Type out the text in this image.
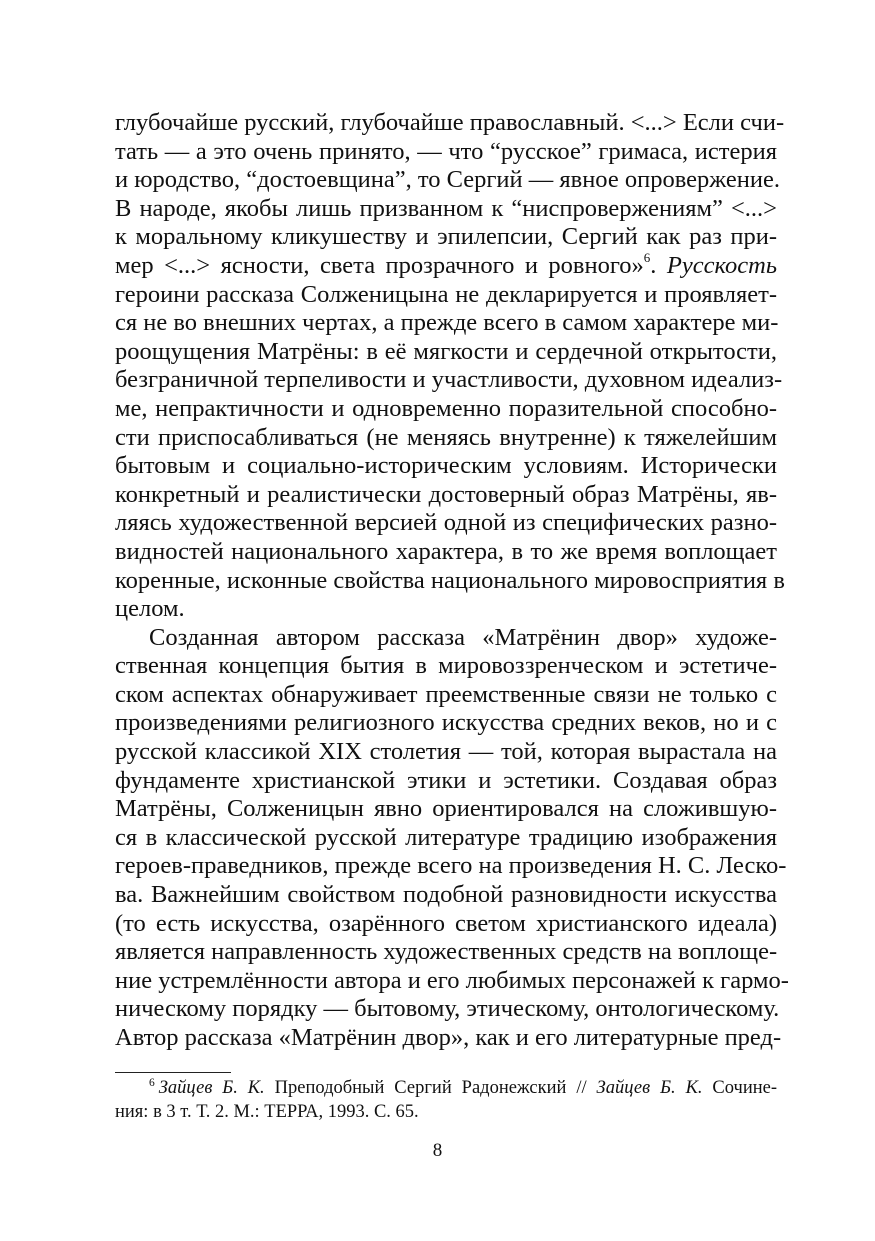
глубочайше русский, глубочайше православный. <...> Если счи-
тать — а это очень принято, — что “русское” гримаса, истерия
и юродство, “достоевщина”, то Сергий — явное опровержение.
В народе, якобы лишь призванном к “ниспровержениям” <...>
к моральному кликушеству и эпилепсии, Сергий как раз при-
мер <...> ясности, света прозрачного и ровного»$^6$. Русскость
героини рассказа Солженицына не декларируется и проявляет-
ся не во внешних чертах, а прежде всего в самом характере ми-
роощущения Матрёны: в её мягкости и сердечной открытости,
безграничной терпеливости и участливости, духовном идеализ-
ме, непрактичности и одновременно поразительной способно-
сти приспосабливаться (не меняясь внутренне) к тяжелейшим
бытовым и социально-историческим условиям. Исторически
конкретный и реалистически достоверный образ Матрёны, яв-
ляясь художественной версией одной из специфических разно-
видностей национального характера, в то же время воплощает
коренные, исконные свойства национального мировосприятия в
целом.
Созданная автором рассказа «Матрёнин двор» художе-
ственная концепция бытия в мировоззренческом и эстетиче-
ском аспектах обнаруживает преемственные связи не только с
произведениями религиозного искусства средних веков, но и с
русской классикой XIX столетия — той, которая вырастала на
фундаменте христианской этики и эстетики. Создавая образ
Матрёны, Солженицын явно ориентировался на сложившую-
ся в классической русской литературе традицию изображения
героев-праведников, прежде всего на произведения Н. С. Леско-
ва. Важнейшим свойством подобной разновидности искусства
(то есть искусства, озарённого светом христианского идеала)
является направленность художественных средств на воплоще-
ние устремлённости автора и его любимых персонажей к гармо-
ническому порядку — бытовому, этическому, онтологическому.
Автор рассказа «Матрёнин двор», как и его литературные пред-
$^6$ Зайцев Б. К. Преподобный Сергий Радонежский // Зайцев Б. К. Сочине-
ния: в 3 т. Т. 2. М.: ТЕРРА, 1993. С. 65.
8
